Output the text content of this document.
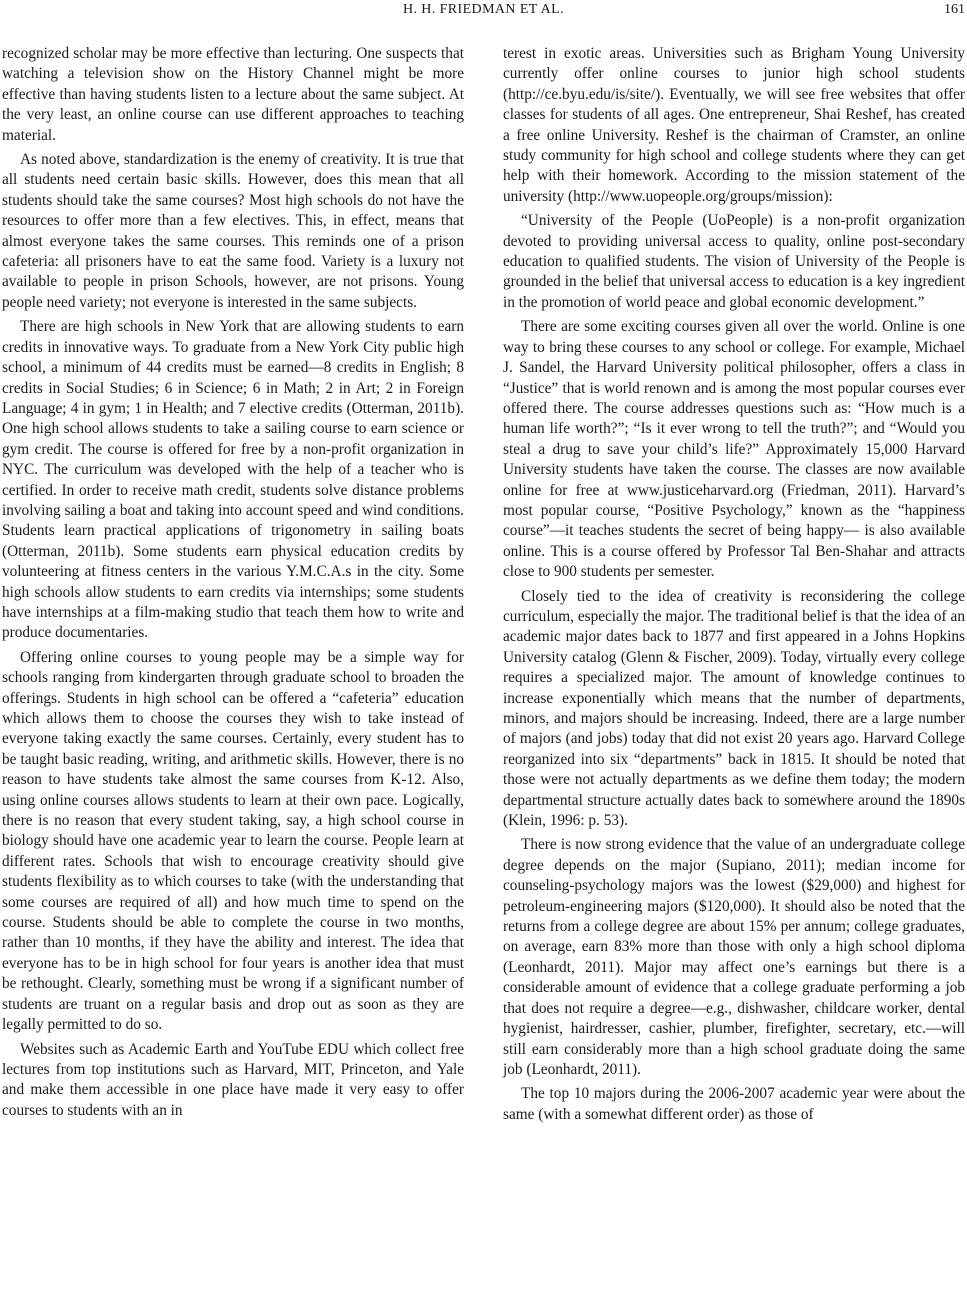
H. H. FRIEDMAN ET AL.	161

recognized scholar may be more effective than lecturing. One suspects that watching a television show on the History Channel might be more effective than having students listen to a lecture about the same subject. At the very least, an online course can use different approaches to teaching material.

As noted above, standardization is the enemy of creativity. It is true that all students need certain basic skills. However, does this mean that all students should take the same courses? Most high schools do not have the resources to offer more than a few electives. This, in effect, means that almost everyone takes the same courses. This reminds one of a prison cafeteria: all prisoners have to eat the same food. Variety is a luxury not available to people in prison Schools, however, are not prisons. Young people need variety; not everyone is interested in the same subjects.

There are high schools in New York that are allowing students to earn credits in innovative ways. To graduate from a New York City public high school, a minimum of 44 credits must be earned—8 credits in English; 8 credits in Social Studies; 6 in Science; 6 in Math; 2 in Art; 2 in Foreign Language; 4 in gym; 1 in Health; and 7 elective credits (Otterman, 2011b). One high school allows students to take a sailing course to earn science or gym credit. The course is offered for free by a non-profit organization in NYC. The curriculum was developed with the help of a teacher who is certified. In order to receive math credit, students solve distance problems involving sailing a boat and taking into account speed and wind conditions. Students learn practical applications of trigonometry in sailing boats (Otterman, 2011b). Some students earn physical education credits by volunteering at fitness centers in the various Y.M.C.A.s in the city. Some high schools allow students to earn credits via internships; some students have internships at a film-making studio that teach them how to write and produce documentaries.

Offering online courses to young people may be a simple way for schools ranging from kindergarten through graduate school to broaden the offerings. Students in high school can be offered a “cafeteria” education which allows them to choose the courses they wish to take instead of everyone taking exactly the same courses. Certainly, every student has to be taught basic reading, writing, and arithmetic skills. However, there is no reason to have students take almost the same courses from K-12. Also, using online courses allows students to learn at their own pace. Logically, there is no reason that every student taking, say, a high school course in biology should have one academic year to learn the course. People learn at different rates. Schools that wish to encourage creativity should give students flexibility as to which courses to take (with the understanding that some courses are required of all) and how much time to spend on the course. Students should be able to complete the course in two months, rather than 10 months, if they have the ability and interest. The idea that everyone has to be in high school for four years is another idea that must be rethought. Clearly, something must be wrong if a significant number of students are truant on a regular basis and drop out as soon as they are legally permitted to do so.

Websites such as Academic Earth and YouTube EDU which collect free lectures from top institutions such as Harvard, MIT, Princeton, and Yale and make them accessible in one place have made it very easy to offer courses to students with an in

terest in exotic areas. Universities such as Brigham Young University currently offer online courses to junior high school students (http://ce.byu.edu/is/site/). Eventually, we will see free websites that offer classes for students of all ages. One entrepreneur, Shai Reshef, has created a free online University. Reshef is the chairman of Cramster, an online study community for high school and college students where they can get help with their homework. According to the mission statement of the university (http://www.uopeople.org/groups/mission):

“University of the People (UoPeople) is a non-profit organization devoted to providing universal access to quality, online post-secondary education to qualified students. The vision of University of the People is grounded in the belief that universal access to education is a key ingredient in the promotion of world peace and global economic development.”

There are some exciting courses given all over the world. Online is one way to bring these courses to any school or college. For example, Michael J. Sandel, the Harvard University political philosopher, offers a class in “Justice” that is world renown and is among the most popular courses ever offered there. The course addresses questions such as: “How much is a human life worth?”; “Is it ever wrong to tell the truth?”; and “Would you steal a drug to save your child’s life?” Approximately 15,000 Harvard University students have taken the course. The classes are now available online for free at www.justiceharvard.org (Friedman, 2011). Harvard’s most popular course, “Positive Psychology,” known as the “happiness course”—it teaches students the secret of being happy— is also available online. This is a course offered by Professor Tal Ben-Shahar and attracts close to 900 students per semester.

Closely tied to the idea of creativity is reconsidering the college curriculum, especially the major. The traditional belief is that the idea of an academic major dates back to 1877 and first appeared in a Johns Hopkins University catalog (Glenn & Fischer, 2009). Today, virtually every college requires a specialized major. The amount of knowledge continues to increase exponentially which means that the number of departments, minors, and majors should be increasing. Indeed, there are a large number of majors (and jobs) today that did not exist 20 years ago. Harvard College reorganized into six “departments” back in 1815. It should be noted that those were not actually departments as we define them today; the modern departmental structure actually dates back to somewhere around the 1890s (Klein, 1996: p. 53).

There is now strong evidence that the value of an undergraduate college degree depends on the major (Supiano, 2011); median income for counseling-psychology majors was the lowest ($29,000) and highest for petroleum-engineering majors ($120,000). It should also be noted that the returns from a college degree are about 15% per annum; college graduates, on average, earn 83% more than those with only a high school diploma (Leonhardt, 2011). Major may affect one’s earnings but there is a considerable amount of evidence that a college graduate performing a job that does not require a degree―e.g., dishwasher, childcare worker, dental hygienist, hairdresser, cashier, plumber, firefighter, secretary, etc.―will still earn considerably more than a high school graduate doing the same job (Leonhardt, 2011).

The top 10 majors during the 2006-2007 academic year were about the same (with a somewhat different order) as those of
